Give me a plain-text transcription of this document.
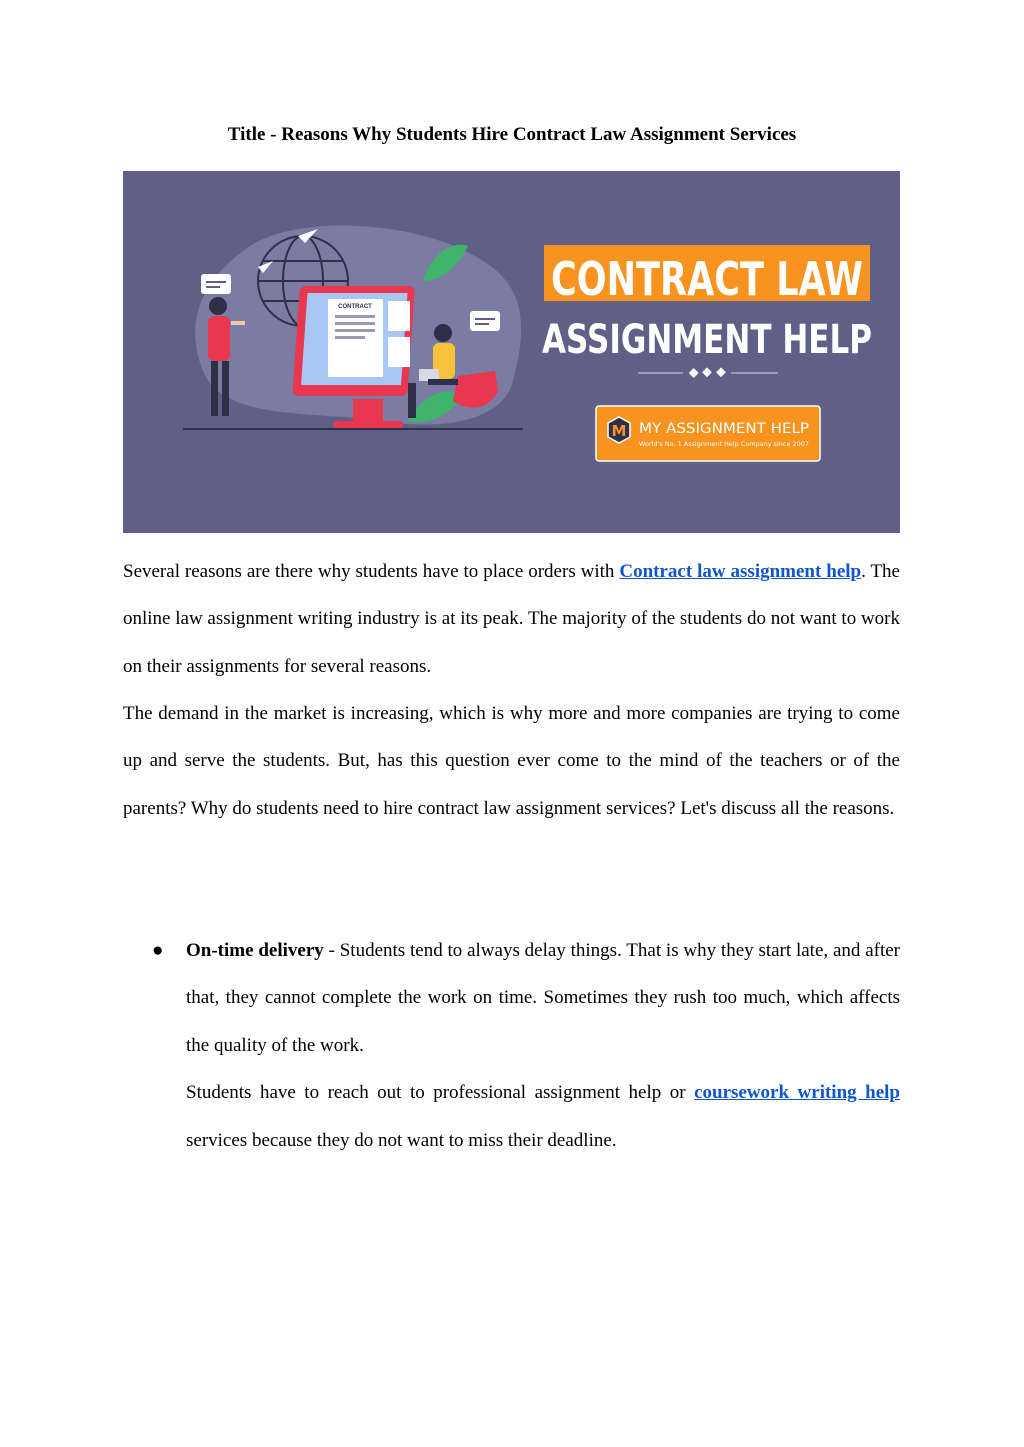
Title - Reasons Why Students Hire Contract Law Assignment Services
CONTRACT
CONTRACT LAW
ASSIGNMENT HELP
M MY ASSIGNMENT HELP
World's No. 1 Assignment Help Company since 2007

Several reasons are there why students have to place orders with Contract law assignment help. The online law assignment writing industry is at its peak. The majority of the students do not want to work on their assignments for several reasons.

The demand in the market is increasing, which is why more and more companies are trying to come up and serve the students. But, has this question ever come to the mind of the teachers or of the parents? Why do students need to hire contract law assignment services? Let's discuss all the reasons.

● On-time delivery - Students tend to always delay things. That is why they start late, and after that, they cannot complete the work on time. Sometimes they rush too much, which affects the quality of the work.

Students have to reach out to professional assignment help or coursework writing help services because they do not want to miss their deadline.
